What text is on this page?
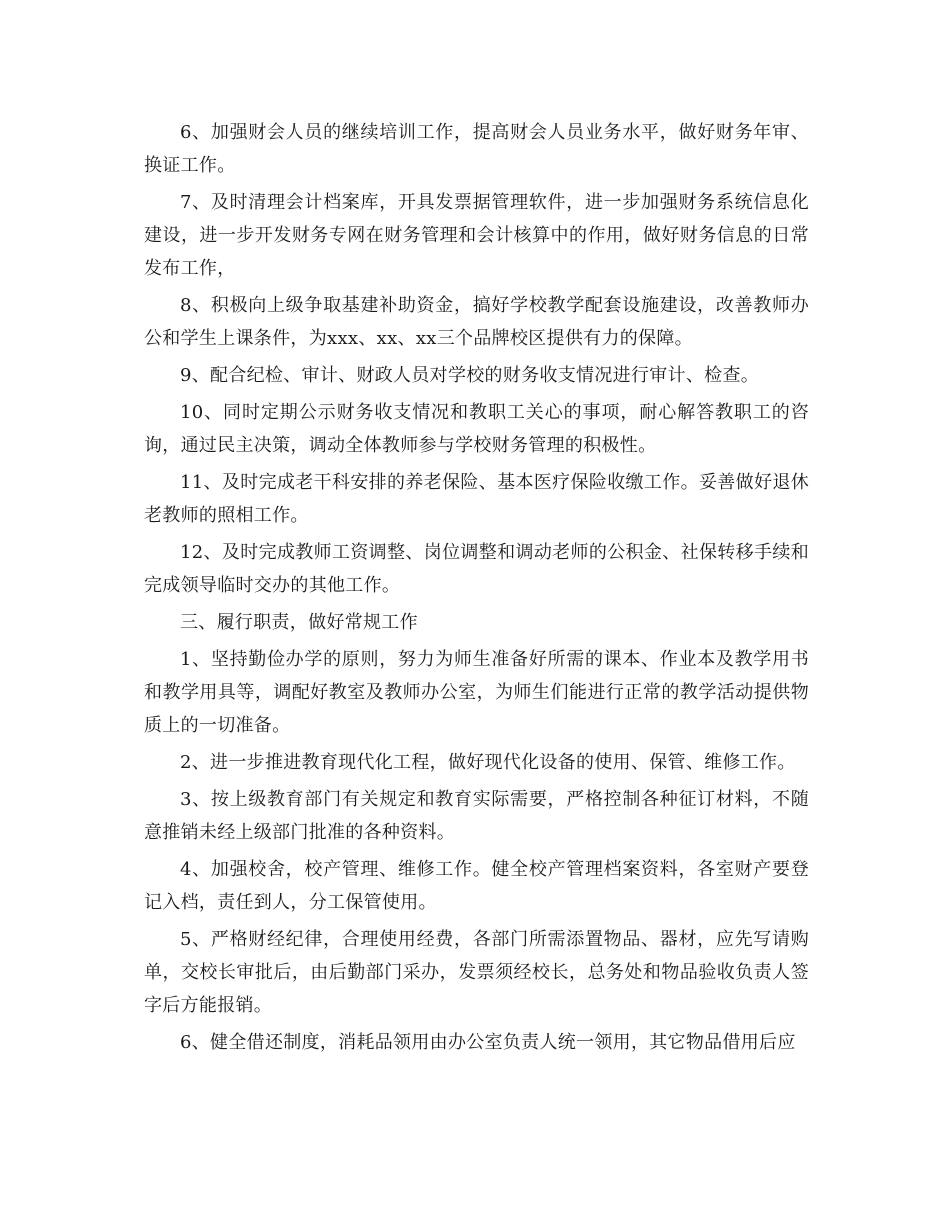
6、加强财会人员的继续培训工作，提高财会人员业务水平，做好财务年审、换证工作。

7、及时清理会计档案库，开具发票据管理软件，进一步加强财务系统信息化建设，进一步开发财务专网在财务管理和会计核算中的作用，做好财务信息的日常发布工作，

8、积极向上级争取基建补助资金，搞好学校教学配套设施建设，改善教师办公和学生上课条件，为xxx、xx、xx三个品牌校区提供有力的保障。

9、配合纪检、审计、财政人员对学校的财务收支情况进行审计、检查。

10、同时定期公示财务收支情况和教职工关心的事项，耐心解答教职工的咨询，通过民主决策，调动全体教师参与学校财务管理的积极性。

11、及时完成老干科安排的养老保险、基本医疗保险收缴工作。妥善做好退休老教师的照相工作。

12、及时完成教师工资调整、岗位调整和调动老师的公积金、社保转移手续和完成领导临时交办的其他工作。

三、履行职责，做好常规工作

1、坚持勤俭办学的原则，努力为师生准备好所需的课本、作业本及教学用书和教学用具等，调配好教室及教师办公室，为师生们能进行正常的教学活动提供物质上的一切准备。

2、进一步推进教育现代化工程，做好现代化设备的使用、保管、维修工作。

3、按上级教育部门有关规定和教育实际需要，严格控制各种征订材料，不随意推销未经上级部门批准的各种资料。

4、加强校舍，校产管理、维修工作。健全校产管理档案资料，各室财产要登记入档，责任到人，分工保管使用。

5、严格财经纪律，合理使用经费，各部门所需添置物品、器材，应先写请购单，交校长审批后，由后勤部门采办，发票须经校长，总务处和物品验收负责人签字后方能报销。

6、健全借还制度，消耗品领用由办公室负责人统一领用，其它物品借用后应
